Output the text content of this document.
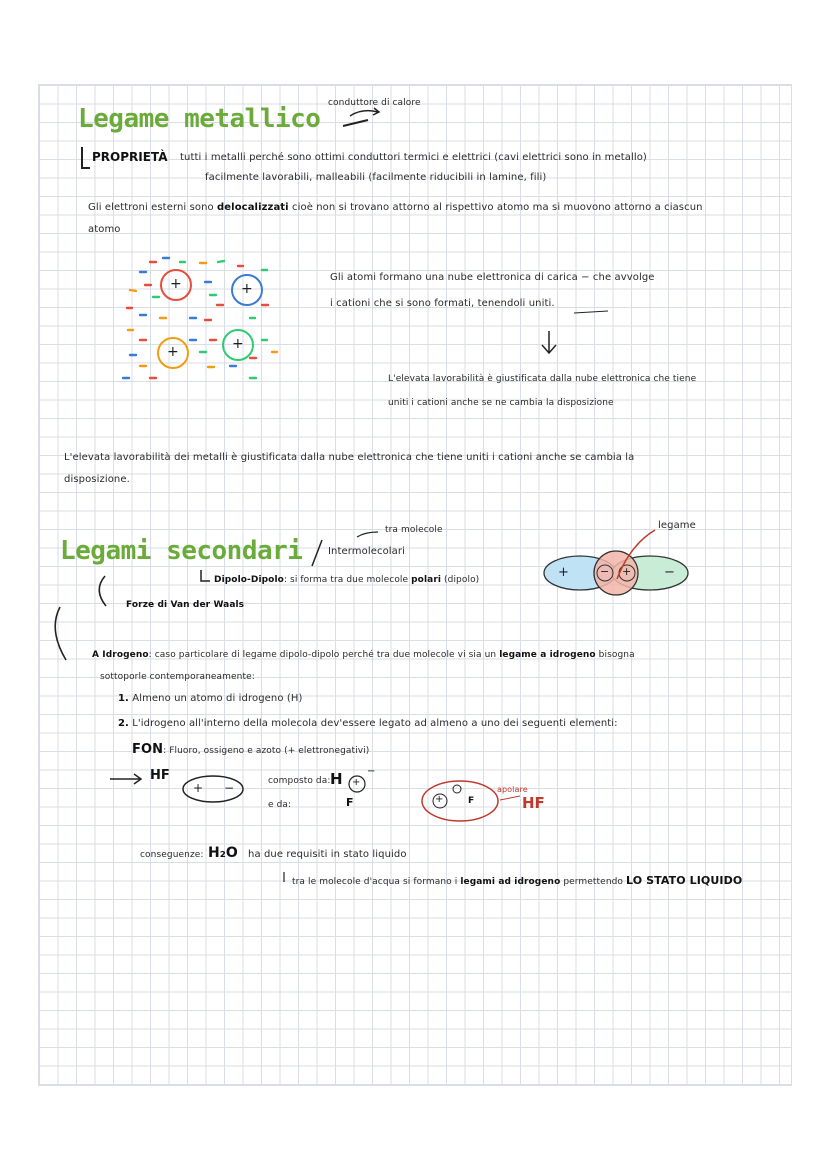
Legame metallico
conduttore di calore
PROPRIETÀ tutti i metalli perché sono ottimi conduttori termici e elettrici (cavi elettrici sono in metallo)
facilmente lavorabili, malleabili (facilmente riducibili in lamine, fili)
Gli elettroni esterni sono delocalizzati cioè non si trovano attorno al rispettivo atomo ma si muovono attorno a ciascun
atomo
+	+
+	+
Gli atomi formano una nube elettronica di carica − che avvolge
i cationi che si sono formati, tenendoli uniti.
L'elevata lavorabilità è giustificata dalla nube elettronica che tiene
uniti i cationi anche se ne cambia la disposizione
L'elevata lavorabilità dei metalli è giustificata dalla nube elettronica che tiene uniti i cationi anche se cambia la
disposizione.
Legami secondari	Intermolecolari
tra molecole	legame
+	− +	−
Dipolo-Dipolo: si forma tra due molecole polari (dipolo)
Forze di Van der Waals
A Idrogeno: caso particolare di legame dipolo-dipolo perché tra due molecole vi sia un legame a idrogeno bisogna
sottoporle contemporaneamente:
1. Almeno un atomo di idrogeno (H)
2. L'idrogeno all'interno della molecola dev'essere legato ad almeno a uno dei seguenti elementi:
FON: Fluoro, ossigeno e azoto (+ elettronegativi)
HF
+ −	composto da: H +
−
e da:	F	+	F
apolare
HF
conseguenze: H₂O ha due requisiti in stato liquido
tra le molecole d'acqua si formano i legami ad idrogeno permettendo LO STATO LIQUIDO
